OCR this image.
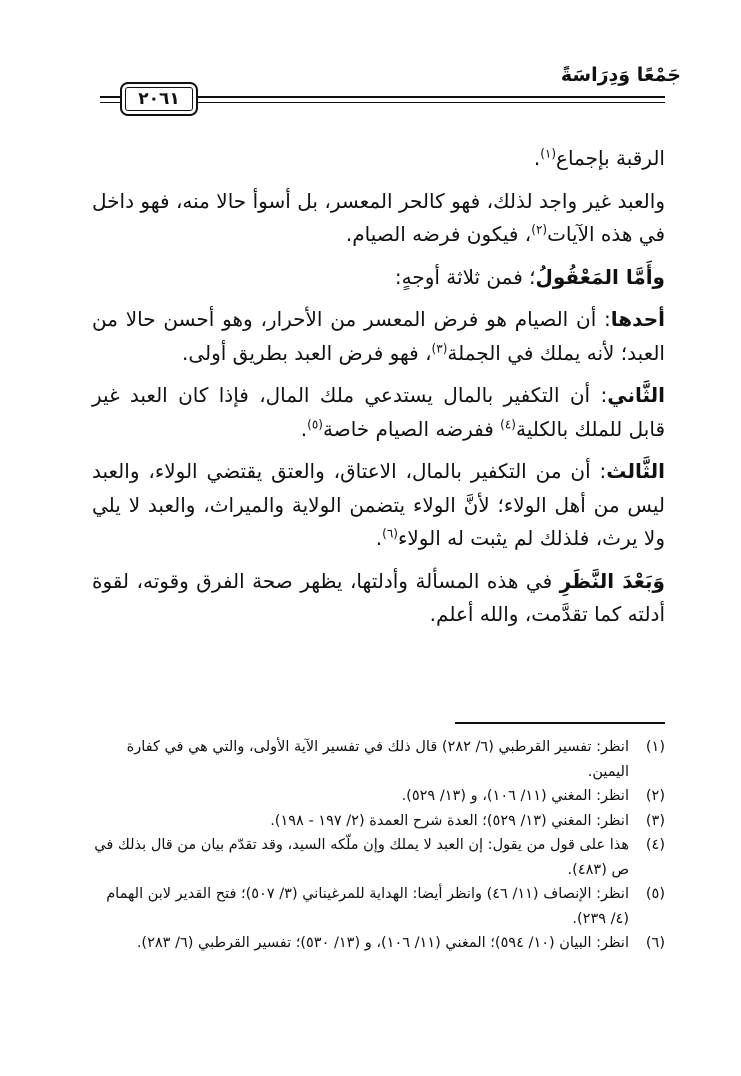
جَمْعًا وَدِرَاسَةً
٢٠٦١

الرقبة بإجماع$^{(١)}$.

والعبد غير واجد لذلك، فهو كالحر المعسر، بل أسوأ حالا منه، فهو داخل في هذه الآيات$^{(٢)}$، فيكون فرضه الصيام.

وأَمَّا المَعْقُولُ؛ فمن ثلاثة أوجهٍ:

أحدها: أن الصيام هو فرض المعسر من الأحرار، وهو أحسن حالا من العبد؛ لأنه يملك في الجملة$^{(٣)}$، فهو فرض العبد بطريق أولى.

الثَّاني: أن التكفير بالمال يستدعي ملك المال، فإذا كان العبد غير قابل للملك بالكلية$^{(٤)}$ ففرضه الصيام خاصة$^{(٥)}$.

الثَّالث: أن من التكفير بالمال، الاعتاق، والعتق يقتضي الولاء، والعبد ليس من أهل الولاء؛ لأنَّ الولاء يتضمن الولاية والميراث، والعبد لا يلي ولا يرث، فلذلك لم يثبت له الولاء$^{(٦)}$.

وَبَعْدَ النَّظَرِ في هذه المسألة وأدلتها، يظهر صحة الفرق وقوته، لقوة أدلته كما تقدَّمت، والله أعلم.

(١)
انظر: تفسير القرطبي (٦/ ٢٨٢) قال ذلك في تفسير الآية الأولى، والتي هي في كفارة اليمين.
(٢)
انظر: المغني (١١/ ١٠٦)، و (١٣/ ٥٢٩).
(٣)
انظر: المغني (١٣/ ٥٢٩)؛ العدة شرح العمدة (٢/ ١٩٧ - ١٩٨).
(٤)
هذا على قول من يقول: إن العبد لا يملك وإن ملّكه السيد، وقد تقدّم بيان من قال بذلك في ص (٤٨٣).
(٥)
انظر: الإنصاف (١١/ ٤٦) وانظر أيضا: الهداية للمرغيناني (٣/ ٥٠٧)؛ فتح القدير لابن الهمام (٤/ ٢٣٩).
(٦)
انظر: البيان (١٠/ ٥٩٤)؛ المغني (١١/ ١٠٦)، و (١٣/ ٥٣٠)؛ تفسير القرطبي (٦/ ٢٨٣).
